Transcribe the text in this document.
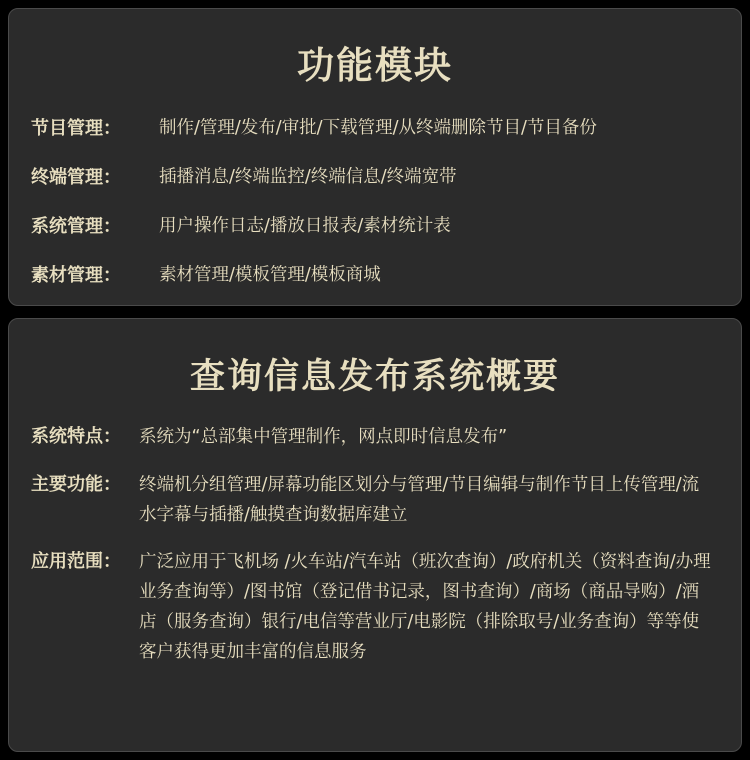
功能模块
节目管理：	制作/管理/发布/审批/下载管理/从终端删除节目/节目备份
终端管理：	插播消息/终端监控/终端信息/终端宽带
系统管理：	用户操作日志/播放日报表/素材统计表
素材管理：	素材管理/模板管理/模板商城
查询信息发布系统概要
系统特点：	系统为“总部集中管理制作，网点即时信息发布”
主要功能：	终端机分组管理/屏幕功能区划分与管理/节目编辑与制作节目上传管理/流水字幕与插播/触摸查询数据库建立
应用范围：	广泛应用于飞机场 /火车站/汽车站（班次查询）/政府机关（资料查询/办理业务查询等）/图书馆（登记借书记录，图书查询）/商场（商品导购）/酒店（服务查询）银行/电信等营业厅/电影院（排除取号/业务查询）等等使客户获得更加丰富的信息服务
